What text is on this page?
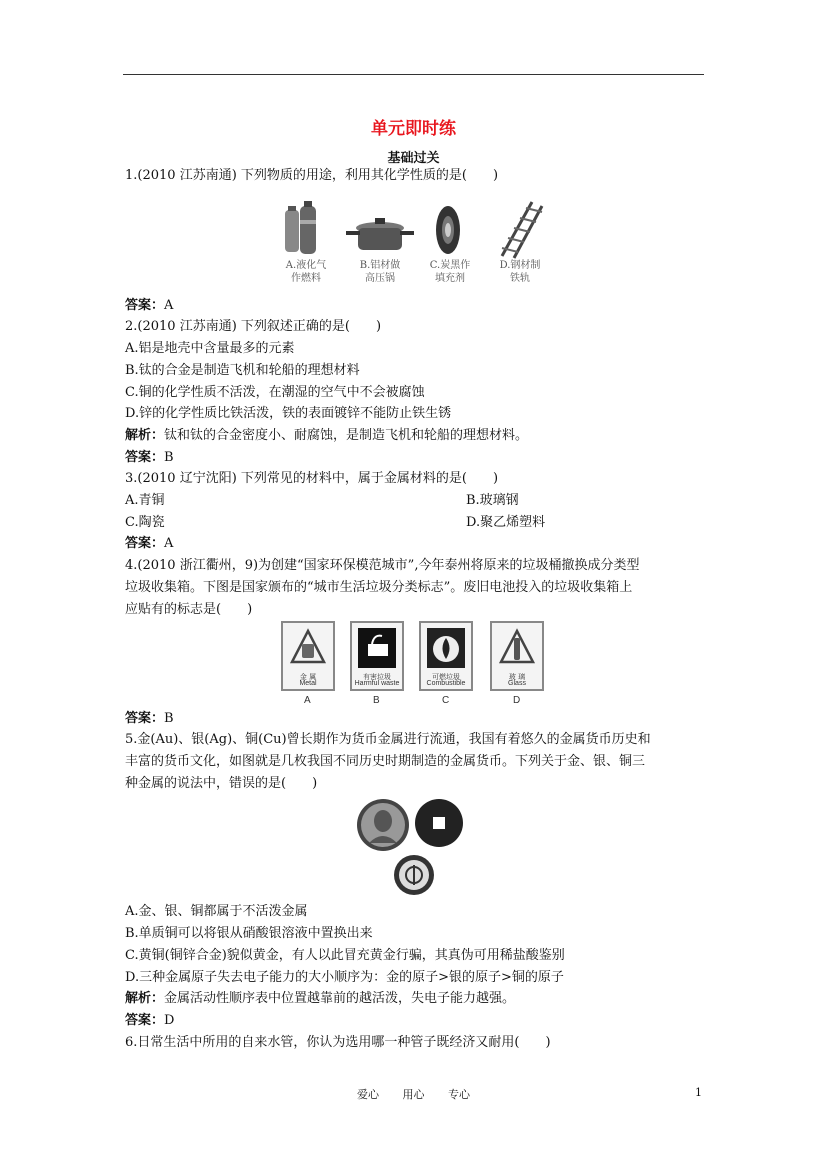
单元即时练
基础过关
1.(2010 江苏南通) 下列物质的用途，利用其化学性质的是(　　)
A.液化气
作燃料
B.铝材做
高压锅
C.炭黑作
填充剂
D.钢材制
铁轨
答案：A
2.(2010 江苏南通) 下列叙述正确的是(　　)
A.铝是地壳中含量最多的元素
B.钛的合金是制造飞机和轮船的理想材料
C.铜的化学性质不活泼，在潮湿的空气中不会被腐蚀
D.锌的化学性质比铁活泼，铁的表面镀锌不能防止铁生锈
解析：钛和钛的合金密度小、耐腐蚀，是制造飞机和轮船的理想材料。
答案：B
3.(2010 辽宁沈阳) 下列常见的材料中，属于金属材料的是(　　)
A.青铜	B.玻璃钢
C.陶瓷	D.聚乙烯塑料
答案：A
4.(2010 浙江衢州，9)为创建“国家环保模范城市”,今年泰州将原来的垃圾桶撤换成分类型
垃圾收集箱。下图是国家颁布的“城市生活垃圾分类标志”。废旧电池投入的垃圾收集箱上
应贴有的标志是(　　)
金 属
Metal
有害垃圾
Harmful waste
可燃垃圾
Combustible
玻 璃
Glass
A	B	C	D
答案：B
5.金(Au)、银(Ag)、铜(Cu)曾长期作为货币金属进行流通，我国有着悠久的金属货币历史和
丰富的货币文化，如图就是几枚我国不同历史时期制造的金属货币。下列关于金、银、铜三
种金属的说法中，错误的是(　　)
A.金、银、铜都属于不活泼金属
B.单质铜可以将银从硝酸银溶液中置换出来
C.黄铜(铜锌合金)貌似黄金，有人以此冒充黄金行骗，其真伪可用稀盐酸鉴别
D.三种金属原子失去电子能力的大小顺序为：金的原子>银的原子>铜的原子
解析：金属活动性顺序表中位置越靠前的越活泼，失电子能力越强。
答案：D
6.日常生活中所用的自来水管，你认为选用哪一种管子既经济又耐用(　　)
爱心 用心 专心	1
